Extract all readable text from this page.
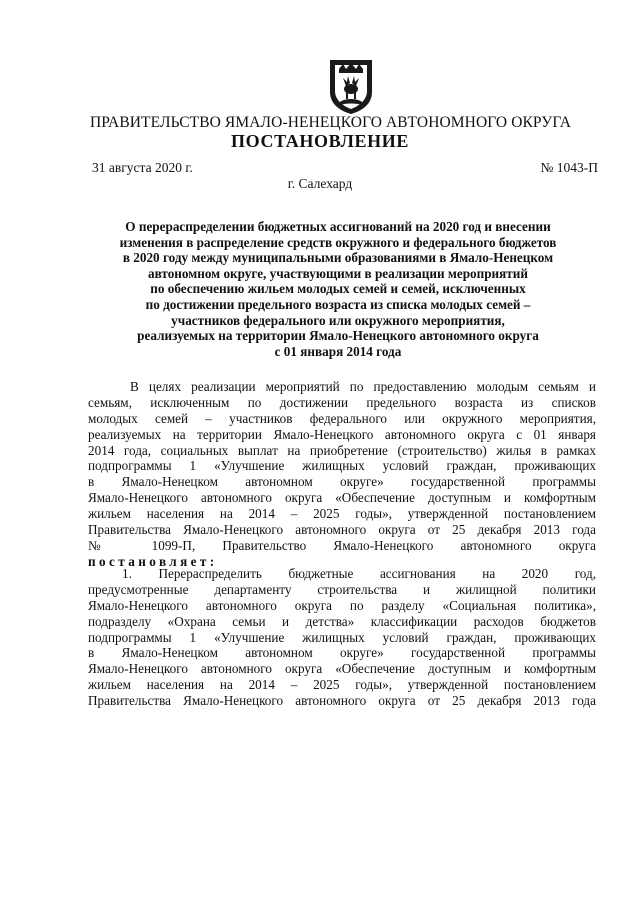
ПРАВИТЕЛЬСТВО ЯМАЛО-НЕНЕЦКОГО АВТОНОМНОГО ОКРУГА
ПОСТАНОВЛЕНИЕ
31 августа 2020 г.	№ 1043-П
г. Салехард
О перераспределении бюджетных ассигнований на 2020 год и внесении
изменения в распределение средств окружного и федерального бюджетов
в 2020 году между муниципальными образованиями в Ямало-Ненецком
автономном округе, участвующими в реализации мероприятий
по обеспечению жильем молодых семей и семей, исключенных
по достижении предельного возраста из списка молодых семей –
участников федерального или окружного мероприятия,
реализуемых на территории Ямало-Ненецкого автономного округа
с 01 января 2014 года
В целях реализации мероприятий по предоставлению молодым семьям и
семьям, исключенным по достижении предельного возраста из списков
молодых семей – участников федерального или окружного мероприятия,
реализуемых на территории Ямало-Ненецкого автономного округа с 01 января
2014 года, социальных выплат на приобретение (строительство) жилья в рамках
подпрограммы 1 «Улучшение жилищных условий граждан, проживающих
в Ямало-Ненецком автономном округе» государственной программы
Ямало-Ненецкого автономного округа «Обеспечение доступным и комфортным
жильем населения на 2014 – 2025 годы», утвержденной постановлением
Правительства Ямало-Ненецкого автономного округа от 25 декабря 2013 года
№ 1099-П, Правительство Ямало-Ненецкого автономного округа
постановляет:
1. Перераспределить бюджетные ассигнования на 2020 год,
предусмотренные департаменту строительства и жилищной политики
Ямало-Ненецкого автономного округа по разделу «Социальная политика»,
подразделу «Охрана семьи и детства» классификации расходов бюджетов
подпрограммы 1 «Улучшение жилищных условий граждан, проживающих
в Ямало-Ненецком автономном округе» государственной программы
Ямало-Ненецкого автономного округа «Обеспечение доступным и комфортным
жильем населения на 2014 – 2025 годы», утвержденной постановлением
Правительства Ямало-Ненецкого автономного округа от 25 декабря 2013 года
